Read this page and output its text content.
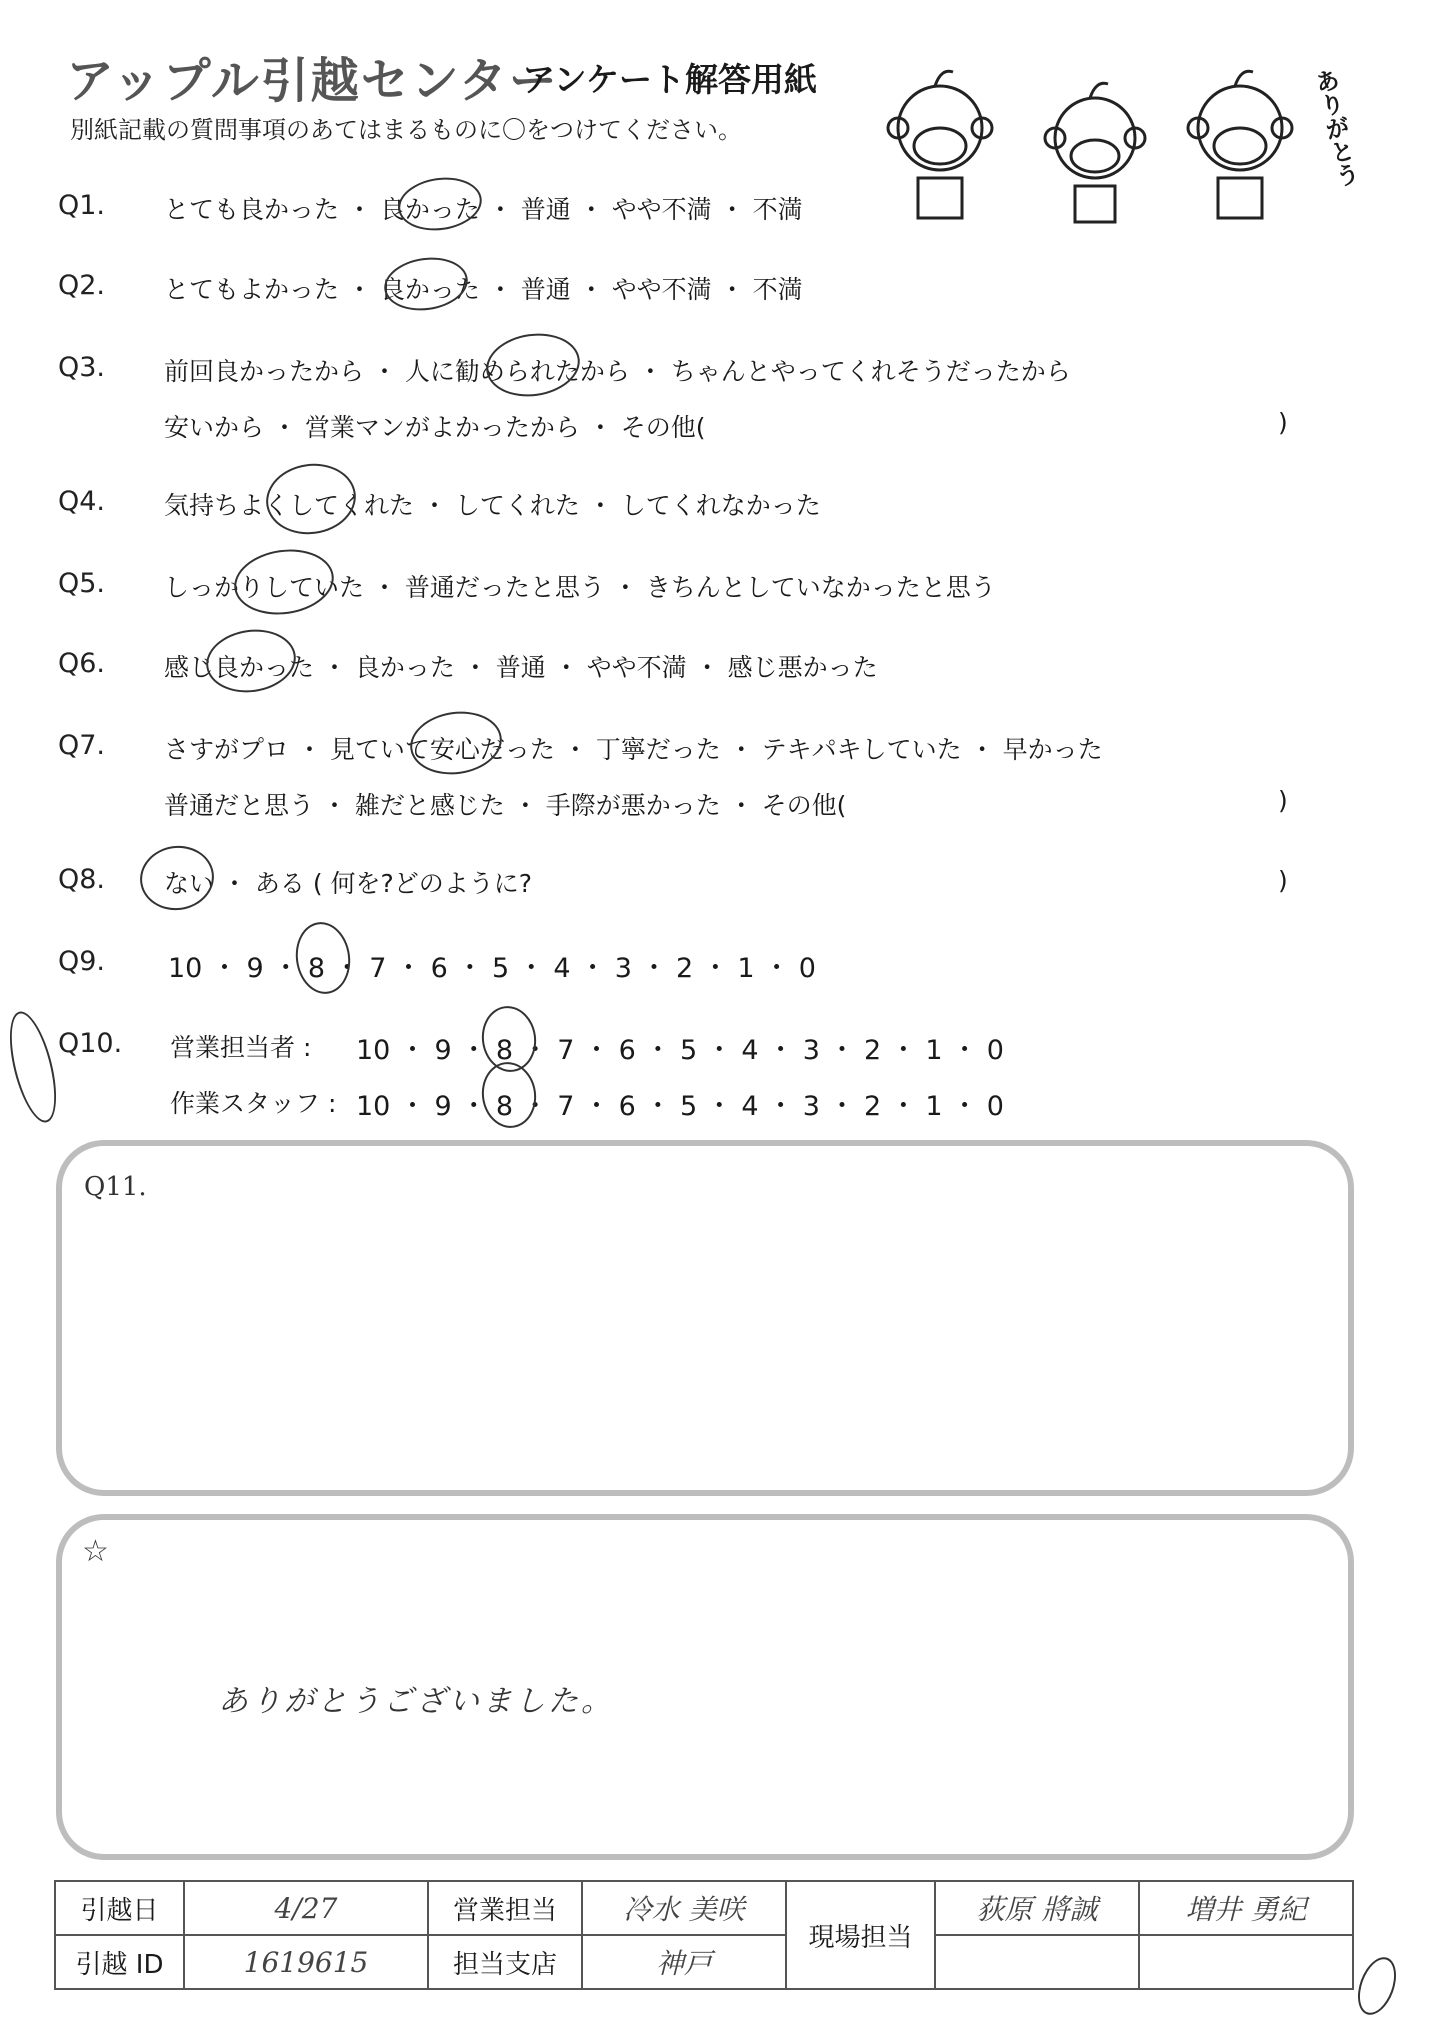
アップル引越センター
アンケート解答用紙
別紙記載の質問事項のあてはまるものに〇をつけてください。	ありがとう
Q1. とても良かった ・ 良かった ・ 普通 ・ やや不満 ・ 不満
Q2. とてもよかった ・ 良かった ・ 普通 ・ やや不満 ・ 不満
Q3. 前回良かったから ・ 人に勧められたから ・ ちゃんとやってくれそうだったから
安いから ・ 営業マンがよかったから ・ その他(	)
Q4. 気持ちよくしてくれた ・ してくれた ・ してくれなかった
Q5. しっかりしていた ・ 普通だったと思う ・ きちんとしていなかったと思う
Q6. 感じ良かった ・ 良かった ・ 普通 ・ やや不満 ・ 感じ悪かった
Q7. さすがプロ ・ 見ていて安心だった ・ 丁寧だった ・ テキパキしていた ・ 早かった
普通だと思う ・ 雑だと感じた ・ 手際が悪かった ・ その他(	)
Q8. ない ・ ある ( 何を?どのように?	)
Q9. 10 ・ 9 ・ 8 ・ 7 ・ 6 ・ 5 ・ 4 ・ 3 ・ 2 ・ 1 ・ 0
Q10. 営業担当者 : 10 ・ 9 ・ 8 ・ 7 ・ 6 ・ 5 ・ 4 ・ 3 ・ 2 ・ 1 ・ 0
作業スタッフ : 10 ・ 9 ・ 8 ・ 7 ・ 6 ・ 5 ・ 4 ・ 3 ・ 2 ・ 1 ・ 0
Q11.
☆
ありがとうございました。
引越日	4/27	営業担当	冷水 美咲	現場担当	荻原 將誠	増井 勇紀
引越 ID	1619615	担当支店	神戸			
